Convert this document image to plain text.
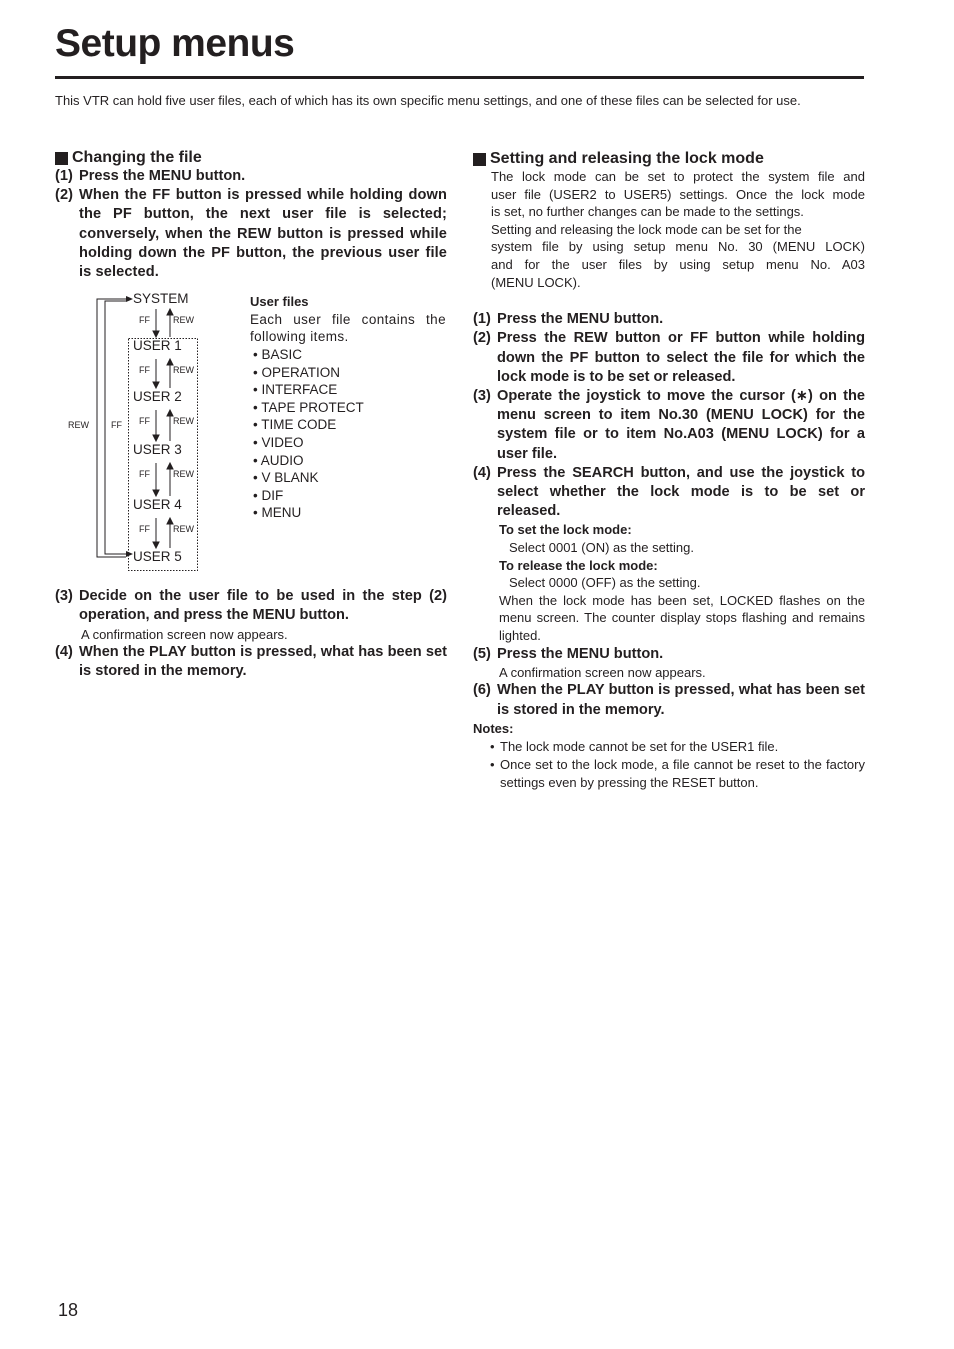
Setup menus
This VTR can hold five user files, each of which has its own specific menu settings, and one of these files can be selected for use.
Changing the file
(1) Press the MENU button.
(2) When the FF button is pressed while holding down the PF button, the next user file is selected; conversely, when the REW button is pressed while holding down the PF button, the previous user file is selected.
SYSTEM
USER 1
USER 2
USER 3
USER 4
USER 5
FF	REW
FF	REW
FF	REW
FF	REW
FF	REW
REW FF
User files
Each user file contains the following items.
• BASIC
• OPERATION
• INTERFACE
• TAPE PROTECT
• TIME CODE
• VIDEO
• AUDIO
• V BLANK
• DIF
• MENU
(3) Decide on the user file to be used in the step (2) operation, and press the MENU button.
A confirmation screen now appears.
(4) When the PLAY button is pressed, what has been set is stored in the memory.
Setting and releasing the lock mode
The lock mode can be set to protect the system file and
user file (USER2 to USER5) settings. Once the lock mode
is set, no further changes can be made to the settings.
Setting and releasing the lock mode can be set for the
system file by using setup menu No. 30 (MENU LOCK)
and for the user files by using setup menu No. A03
(MENU LOCK).
(1) Press the MENU button.
(2) Press the REW button or FF button while holding down the PF button to select the file for which the lock mode is to be set or released.
(3) Operate the joystick to move the cursor (∗) on the menu screen to item No.30 (MENU LOCK) for the system file or to item No.A03 (MENU LOCK) for a user file.
(4) Press the SEARCH button, and use the joystick to select whether the lock mode is to be set or released.
To set the lock mode:
Select 0001 (ON) as the setting.
To release the lock mode:
Select 0000 (OFF) as the setting.
When the lock mode has been set, LOCKED flashes on the menu screen. The counter display stops flashing and remains lighted.
(5) Press the MENU button.
A confirmation screen now appears.
(6) When the PLAY button is pressed, what has been set is stored in the memory.
Notes:
• The lock mode cannot be set for the USER1 file.
• Once set to the lock mode, a file cannot be reset to the factory settings even by pressing the RESET button.
18
